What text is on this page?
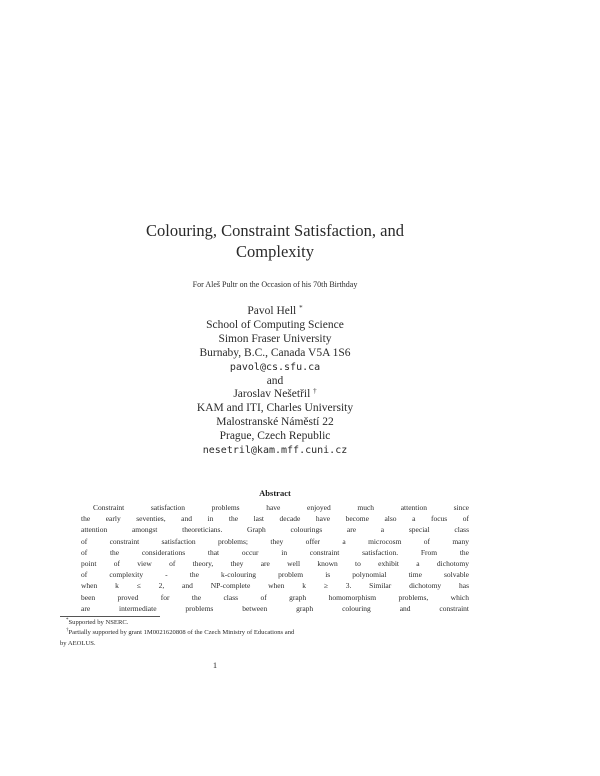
Colouring, Constraint Satisfaction, and
Complexity
For Aleš Pultr on the Occasion of his 70th Birthday
Pavol Hell *
School of Computing Science
Simon Fraser University
Burnaby, B.C., Canada V5A 1S6
pavol@cs.sfu.ca
and
Jaroslav Nešetřil †
KAM and ITI, Charles University
Malostranské Náměstí 22
Prague, Czech Republic
nesetril@kam.mff.cuni.cz
Abstract
Constraint satisfaction problems have enjoyed much attention since
the early seventies, and in the last decade have become also a focus of
attention amongst theoreticians. Graph colourings are a special class
of constraint satisfaction problems; they offer a microcosm of many
of the considerations that occur in constraint satisfaction. From the
point of view of theory, they are well known to exhibit a dichotomy
of complexity - the k-colouring problem is polynomial time solvable
when k ≤ 2, and NP-complete when k ≥ 3. Similar dichotomy has
been proved for the class of graph homomorphism problems, which
are intermediate problems between graph colouring and constraint
*Supported by NSERC.
†Partially supported by grant 1M0021620808 of the Czech Ministry of Educations and
by AEOLUS.
1
